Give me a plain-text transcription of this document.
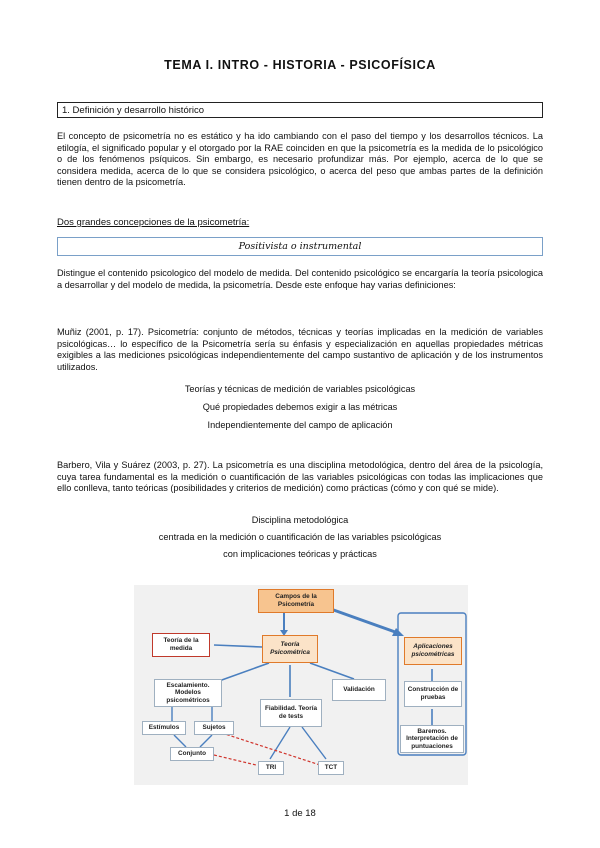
TEMA I. INTRO - HISTORIA - PSICOFÍSICA
1. Definición y desarrollo histórico
El concepto de psicometría no es estático y ha ido cambiando con el paso del tiempo y los desarrollos técnicos. La etilogía, el significado popular y el otorgado por la RAE coinciden en que la psicometría es la medida de lo psicológico o de los fenómenos psíquicos. Sin embargo, es necesario profundizar más. Por ejemplo, acerca de lo que se considera medida, acerca de lo que se considera psicológico, o acerca del peso que ambas partes de la definición tienen dentro de la psicometría.
Dos grandes concepciones de la psicometría:
Positivista o instrumental
Distingue el contenido psicologico del modelo de medida. Del contenido psicológico se encargaría la teoría psicologica a desarrollar y del modelo de medida, la psicometría. Desde este enfoque hay varias definiciones:
Muñiz (2001, p. 17). Psicometría: conjunto de métodos, técnicas y teorías implicadas en la medición de variables psicológicas… lo específico de la Psicometría sería su énfasis y especialización en aquellas propiedades métricas exigibles a las mediciones psicológicas independientemente del campo sustantivo de aplicación y de los instrumentos utilizados.
Teorías y técnicas de medición de variables psicológicas
Qué propiedades debemos exigir a las métricas
Independientemente del campo de aplicación
Barbero, Vila y Suárez (2003, p. 27). La psicometría es una disciplina metodológica, dentro del área de la psicología, cuya tarea fundamental es la medición o cuantificación de las variables psicológicas con todas las implicaciones que ello conlleva, tanto teóricas (posibilidades y criterios de medición) como prácticas (cómo y con qué se mide).
Disciplina metodológica
centrada en la medición o cuantificación de las variables psicológicas
con implicaciones teóricas y prácticas
Campos de la Psicometría
Teoría de la medida
Teoría Psicométrica
Aplicaciones psicométricas
Escalamiento. Modelos psicométricos
Validación	Construcción de pruebas
Fiabilidad. Teoría de tests
Estímulos	Sujetos	Baremos. Interpretación de puntuaciones
Conjunto
TRI	TCT
1 de 18
